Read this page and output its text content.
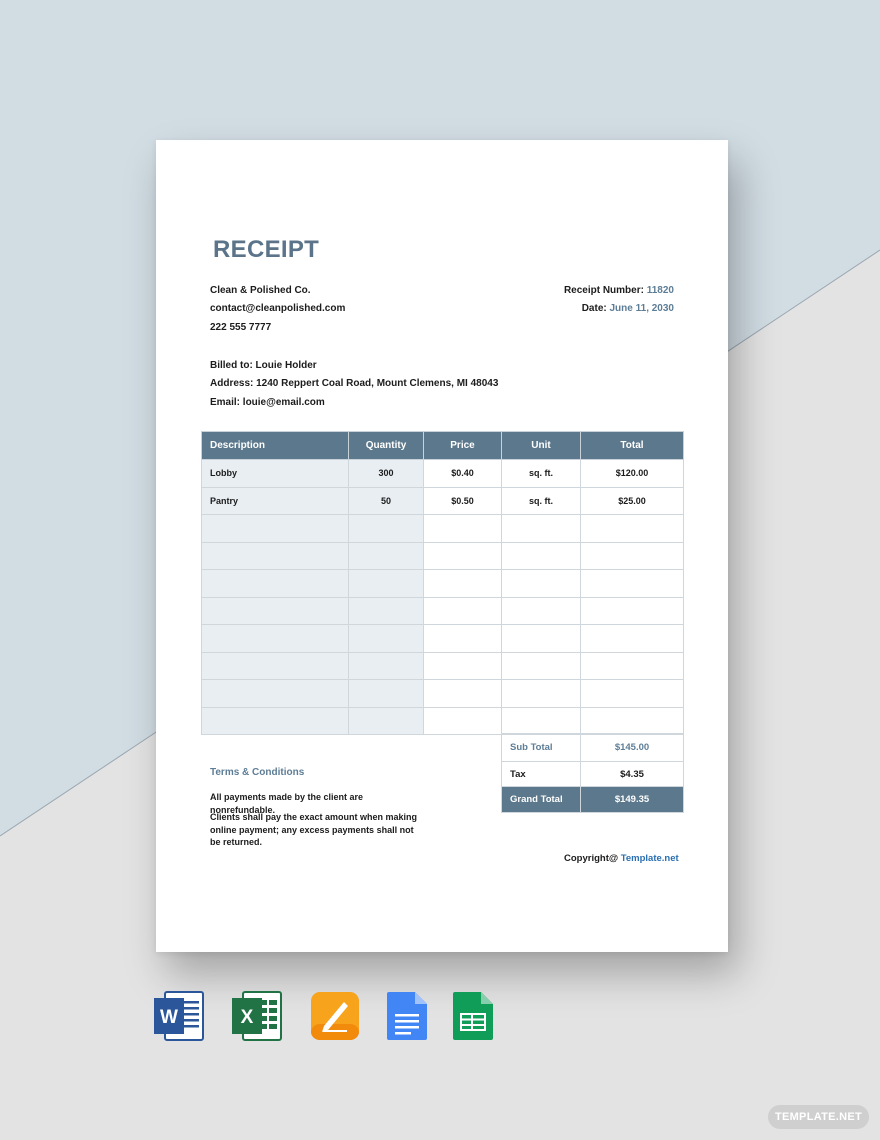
RECEIPT
Clean & Polished Co.
contact@cleanpolished.com
222 555 7777
Receipt Number: 11820
Date: June 11, 2030
Billed to: Louie Holder
Address: 1240 Reppert Coal Road, Mount Clemens, MI 48043
Email: louie@email.com
Description	Quantity	Price	Unit	Total
Lobby	300	$0.40	sq. ft.	$120.00
Pantry	50	$0.50	sq. ft.	$25.00

Sub Total	$145.00
Tax	$4.35
Grand Total	$149.35
Terms & Conditions
All payments made by the client are nonrefundable.
Clients shall pay the exact amount when making online payment; any excess payments shall not be returned.
Copyright@ Template.net
W	X
TEMPLATE.NET
